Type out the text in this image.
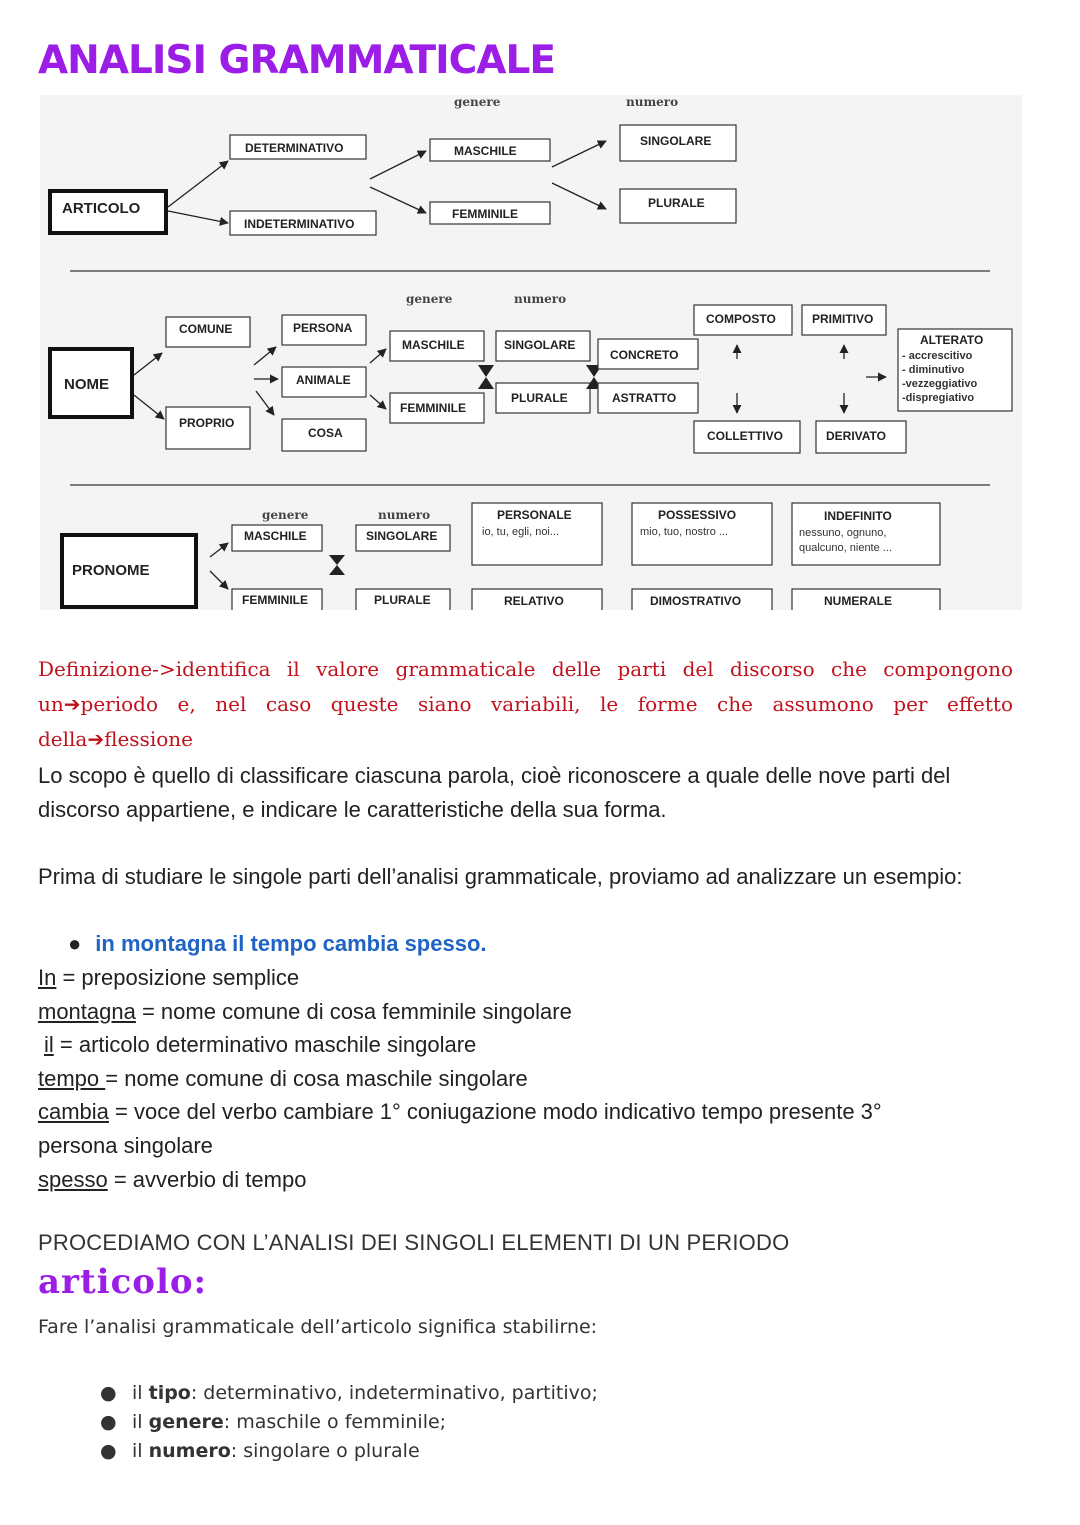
ANALISI GRAMMATICALE
ARTICOLO
DETERMINATIVO
INDETERMINATIVO
genere	numero
MASCHILE
FEMMINILE
SINGOLARE
PLURALE
NOME
COMUNE
PROPRIO
PERSONA
ANIMALE
COSA
genere	numero
MASCHILE
FEMMINILE
SINGOLARE
PLURALE
CONCRETO
ASTRATTO
COMPOSTO
COLLETTIVO
PRIMITIVO
DERIVATO
ALTERATO
- accrescitivo
- diminutivo
-vezzeggiativo
-dispregiativo
PRONOME
genere
MASCHILE
FEMMINILE
numero
SINGOLARE
PLURALE
PERSONALE
io, tu, egli, noi...
RELATIVO
POSSESSIVO
mio, tuo, nostro ...
DIMOSTRATIVO
INDEFINITO
nessuno, ognuno,
qualcuno, niente ...
NUMERALE

Definizione->identifica il valore grammaticale delle parti del discorso che compongono

un➔periodo e, nel caso queste siano variabili, le forme che assumono per effetto

della➔flessione

Lo scopo è quello di classificare ciascuna parola, cioè riconoscere a quale delle nove parti del discorso appartiene, e indicare le caratteristiche della sua forma.

Prima di studiare le singole parti dell’analisi grammaticale, proviamo ad analizzare un esempio:

● in montagna il tempo cambia spesso.
In = preposizione semplice
montagna = nome comune di cosa femminile singolare
il = articolo determinativo maschile singolare
tempo = nome comune di cosa maschile singolare
cambia = voce del verbo cambiare 1° coniugazione modo indicativo tempo presente 3°
persona singolare
spesso = avverbio di tempo
PROCEDIAMO CON L’ANALISI DEI SINGOLI ELEMENTI DI UN PERIODO
articolo:
Fare l’analisi grammaticale dell’articolo significa stabilirne:
● il tipo: determinativo, indeterminativo, partitivo;
● il genere: maschile o femminile;
● il numero: singolare o plurale
